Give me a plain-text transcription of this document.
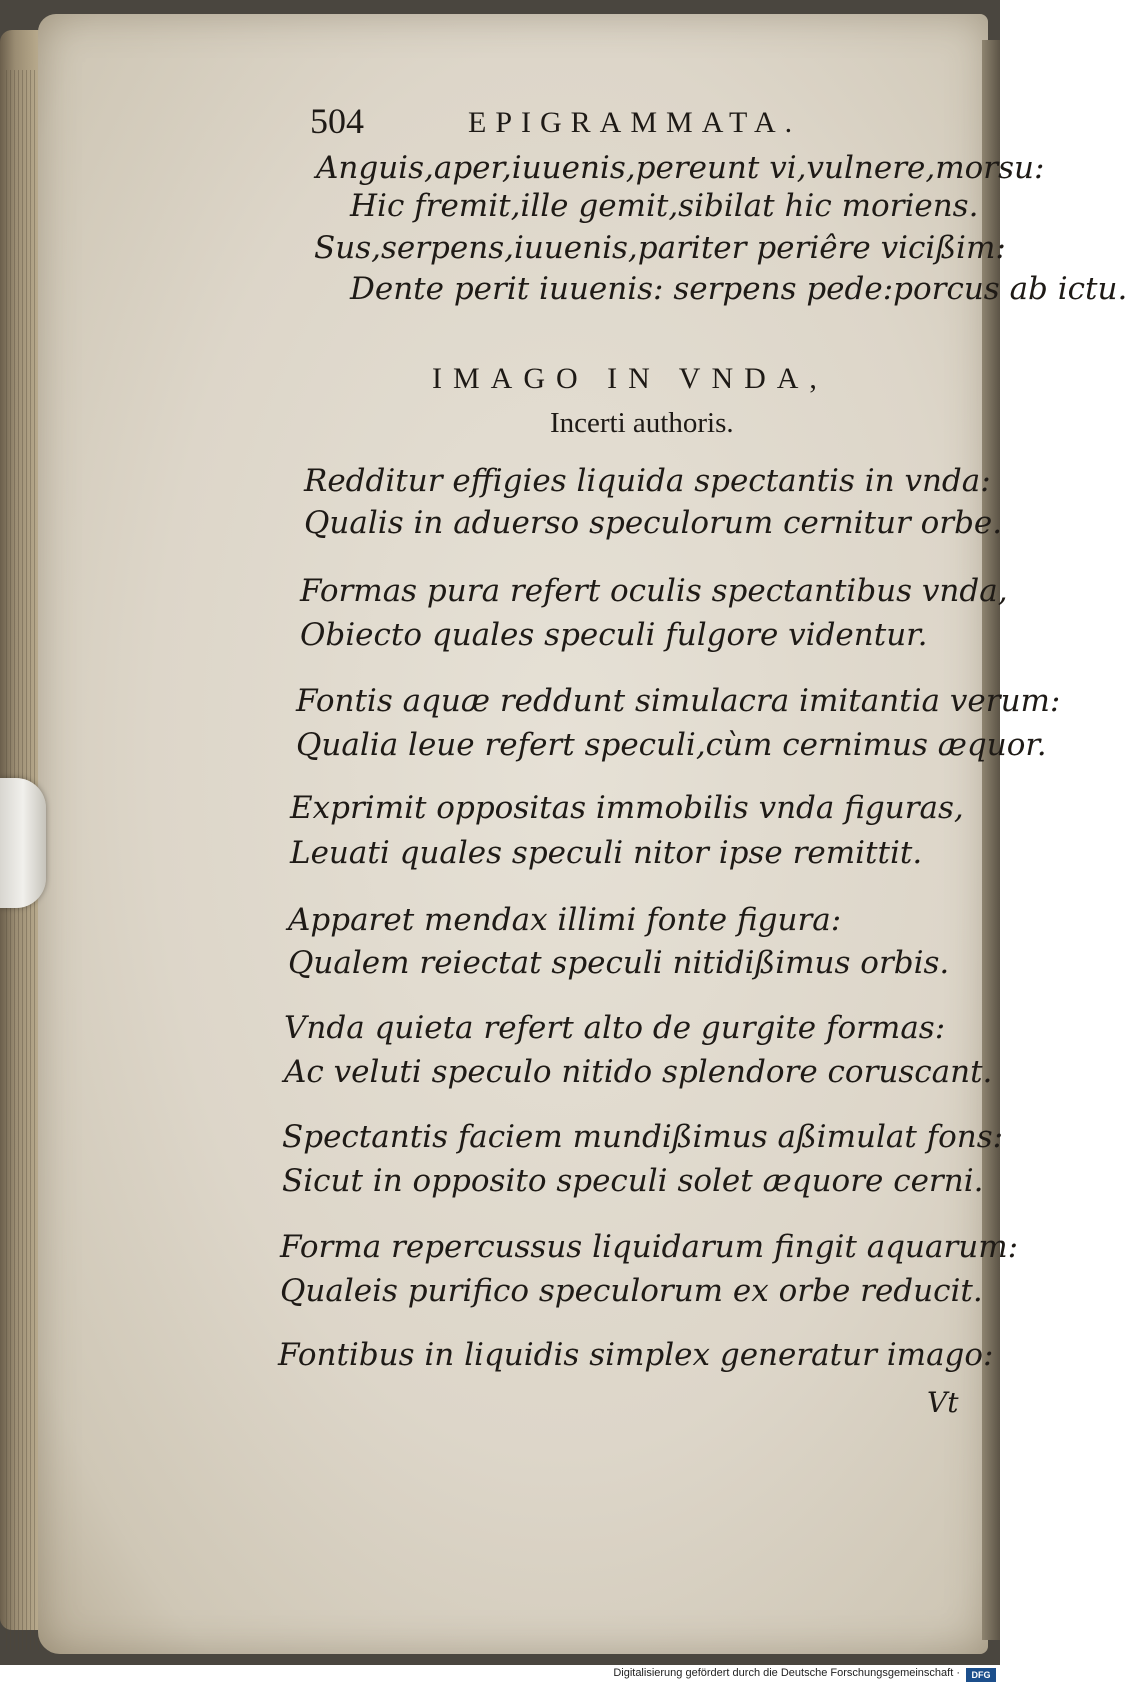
504	EPIGRAMMATA.
Anguis,aper,iuuenis,pereunt vi,vulnere,morsu:
Hic fremit,ille gemit,sibilat hic moriens.
Sus,serpens,iuuenis,pariter periêre vicißim:
Dente perit iuuenis: serpens pede:porcus ab ictu.
IMAGO IN VNDA,
Incerti authoris.
Redditur effigies liquida spectantis in vnda:
Qualis in aduerso speculorum cernitur orbe.
Formas pura refert oculis spectantibus vnda,
Obiecto quales speculi fulgore videntur.
Fontis aquæ reddunt simulacra imitantia verum:
Qualia leue refert speculi,cùm cernimus æquor.
Exprimit oppositas immobilis vnda figuras,
Leuati quales speculi nitor ipse remittit.
Apparet mendax illimi fonte figura:
Qualem reiectat speculi nitidißimus orbis.
Vnda quieta refert alto de gurgite formas:
Ac veluti speculo nitido splendore coruscant.
Spectantis faciem mundißimus aßimulat fons:
Sicut in opposito speculi solet æquore cerni.
Forma repercussus liquidarum fingit aquarum:
Qualeis purifico speculorum ex orbe reducit.
Fontibus in liquidis simplex generatur imago:
Vt
Digitalisierung gefördert durch die Deutsche Forschungsgemeinschaft ·	DFG
